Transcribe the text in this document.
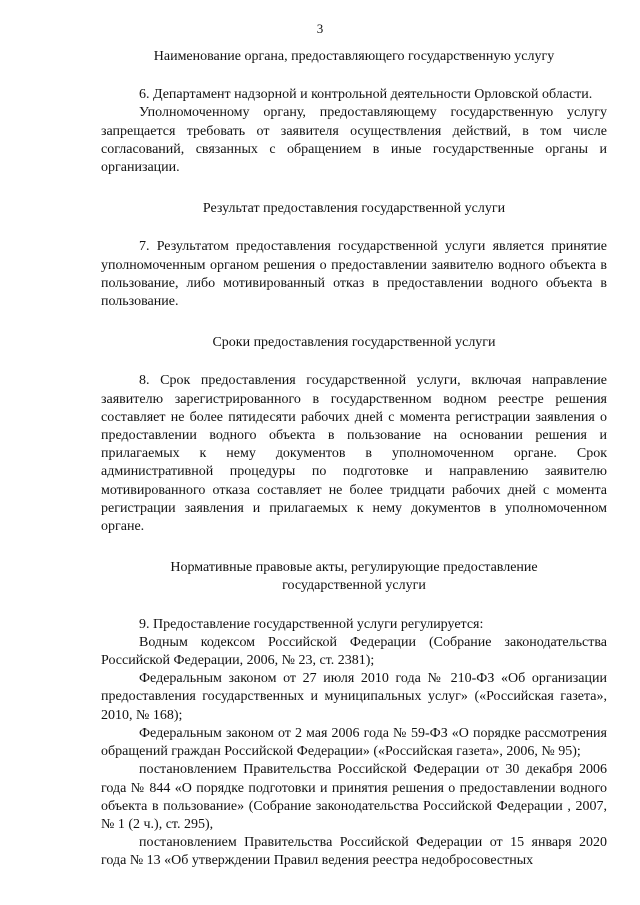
3

Наименование органа, предоставляющего государственную услугу

6. Департамент надзорной и контрольной деятельности Орловской области.

Уполномоченному органу, предоставляющему государственную услугу запрещается требовать от заявителя осуществления действий, в том числе согласований, связанных с обращением в иные государственные органы и организации.

Результат предоставления государственной услуги

7. Результатом предоставления государственной услуги является принятие уполномоченным органом решения о предоставлении заявителю водного объекта в пользование, либо мотивированный отказ в предоставлении водного объекта в пользование.

Сроки предоставления государственной услуги

8. Срок предоставления государственной услуги, включая направление заявителю зарегистрированного в государственном водном реестре решения составляет не более пятидесяти рабочих дней с момента регистрации заявления о предоставлении водного объекта в пользование на основании решения и прилагаемых к нему документов в уполномоченном органе. Срок административной процедуры по подготовке и направлению заявителю мотивированного отказа составляет не более тридцати рабочих дней с момента регистрации заявления и прилагаемых к нему документов в уполномоченном органе.

Нормативные правовые акты, регулирующие предоставление

государственной услуги

9. Предоставление государственной услуги регулируется:

Водным кодексом Российской Федерации (Собрание законодательства Российской Федерации, 2006, № 23, ст. 2381);

Федеральным законом от 27 июля 2010 года № 210-ФЗ «Об организации предоставления государственных и муниципальных услуг» («Российская газета», 2010, № 168);

Федеральным законом от 2 мая 2006 года № 59-ФЗ «О порядке рассмотрения обращений граждан Российской Федерации» («Российская газета», 2006, № 95);

постановлением Правительства Российской Федерации от 30 декабря 2006 года № 844 «О порядке подготовки и принятия решения о предоставлении водного объекта в пользование» (Собрание законодательства Российской Федерации , 2007, № 1 (2 ч.), ст. 295),

постановлением Правительства Российской Федерации от 15 января 2020 года № 13 «Об утверждении Правил ведения реестра недобросовестных
